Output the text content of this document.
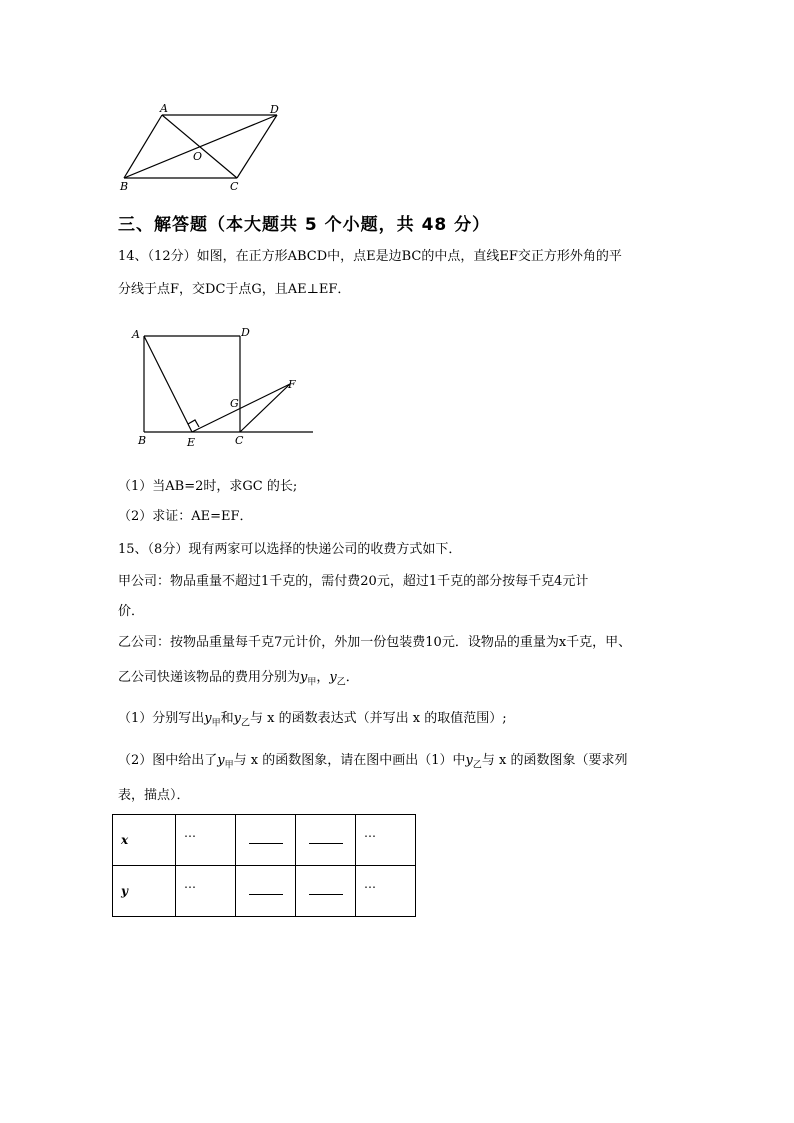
A	D
O
B	C
三、解答题（本大题共 5 个小题，共 48 分）
14、（12分）如图，在正方形ABCD中，点E是边BC的中点，直线EF交正方形外角的平
分线于点F，交DC于点G，且AE⊥EF．
A	D
G
F
B	E	C
（1）当AB=2时，求GC 的长;
（2）求证：AE=EF．
15、（8分）现有两家可以选择的快递公司的收费方式如下．
甲公司：物品重量不超过1千克的，需付费20元，超过1千克的部分按每千克4元计
价．
乙公司：按物品重量每千克7元计价，外加一份包装费10元．设物品的重量为x千克，甲、
乙公司快递该物品的费用分别为$y_甲$，$y_乙$．
（1）分别写出$y_甲$和$y_乙$与 x 的函数表达式（并写出 x 的取值范围）;
（2）图中给出了$y_甲$与 x 的函数图象，请在图中画出（1）中$y_乙$与 x 的函数图象（要求列
表，描点）．
x	…			…

y	…			…
